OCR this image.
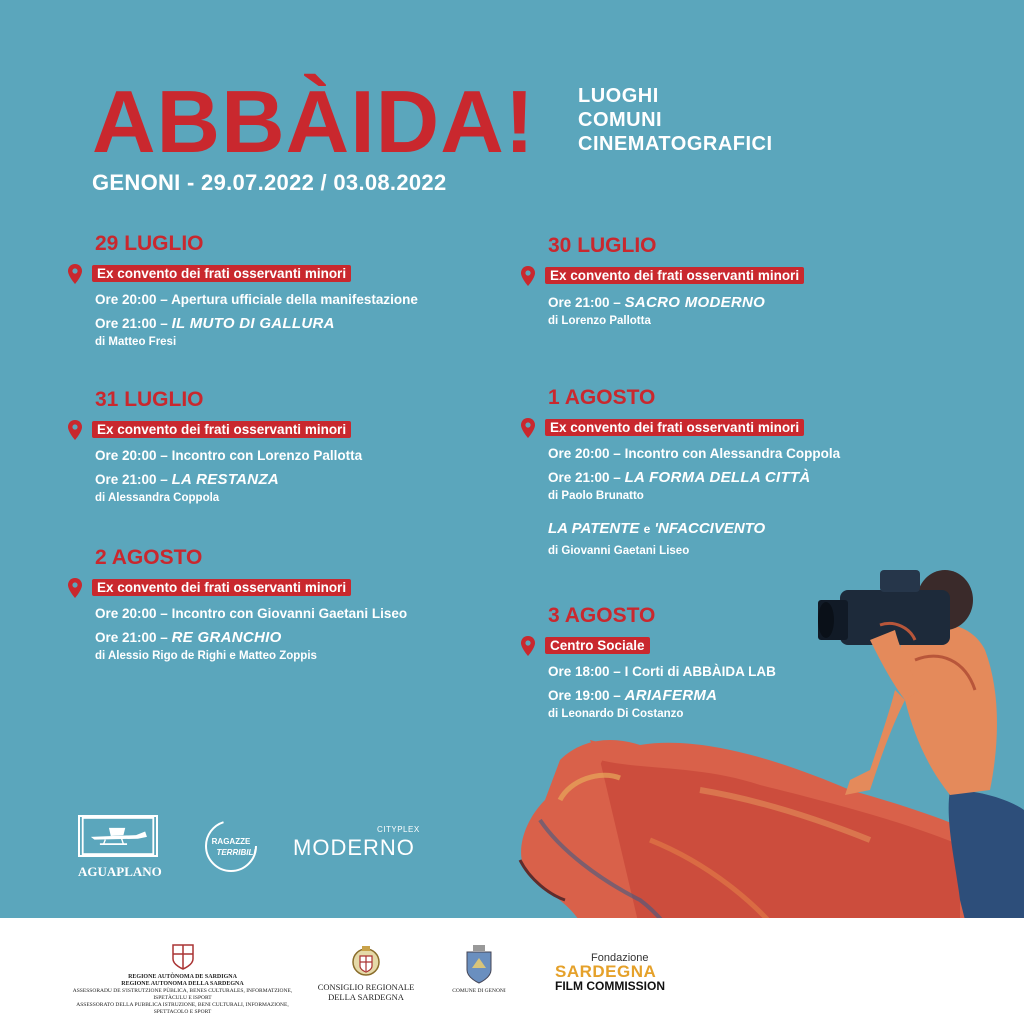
ABBÀIDA! LUOGHI
COMUNI
CINEMATOGRAFICI
GENONI - 29.07.2022 / 03.08.2022
29 LUGLIO
Ex convento dei frati osservanti minori
Ore 20:00 – Apertura ufficiale della manifestazione
Ore 21:00 – IL MUTO DI GALLURA
di Matteo Fresi
30 LUGLIO
Ex convento dei frati osservanti minori
Ore 21:00 – SACRO MODERNO
di Lorenzo Pallotta
31 LUGLIO
Ex convento dei frati osservanti minori
Ore 20:00 – Incontro con Lorenzo Pallotta
Ore 21:00 – LA RESTANZA
di Alessandra Coppola
1 AGOSTO
Ex convento dei frati osservanti minori
Ore 20:00 – Incontro con Alessandra Coppola
Ore 21:00 – LA FORMA DELLA CITTÀ
di Paolo Brunatto
LA PATENTE e 'NFACCIVENTO
di Giovanni Gaetani Liseo
2 AGOSTO
Ex convento dei frati osservanti minori
Ore 20:00 – Incontro con Giovanni Gaetani Liseo
Ore 21:00 – RE GRANCHIO
di Alessio Rigo de Righi e Matteo Zoppis
3 AGOSTO
Centro Sociale
Ore 18:00 – I Corti di ABBÀIDA LAB
Ore 19:00 – ARIAFERMA
di Leonardo Di Costanzo
AGUAPLANO
RAGAZZE
TERRIBILI MODERNO
CITYPLEX
REGIONE AUTÒNOMA DE SARDIGNA
REGIONE AUTONOMA DELLA SARDEGNA
ASSESSORADU DE S'ISTRUTZIONE PÙBLICA, BENES CULTURALES, INFORMATZIONE, ISPETÀCULU E ISPORT
ASSESSORATO DELLA PUBBLICA ISTRUZIONE, BENI CULTURALI, INFORMAZIONE, SPETTACOLO E SPORT
CONSIGLIO REGIONALE
DELLA SARDEGNA
COMUNE DI GENONI
Fondazione
SARDEGNA
FILM COMMISSION
